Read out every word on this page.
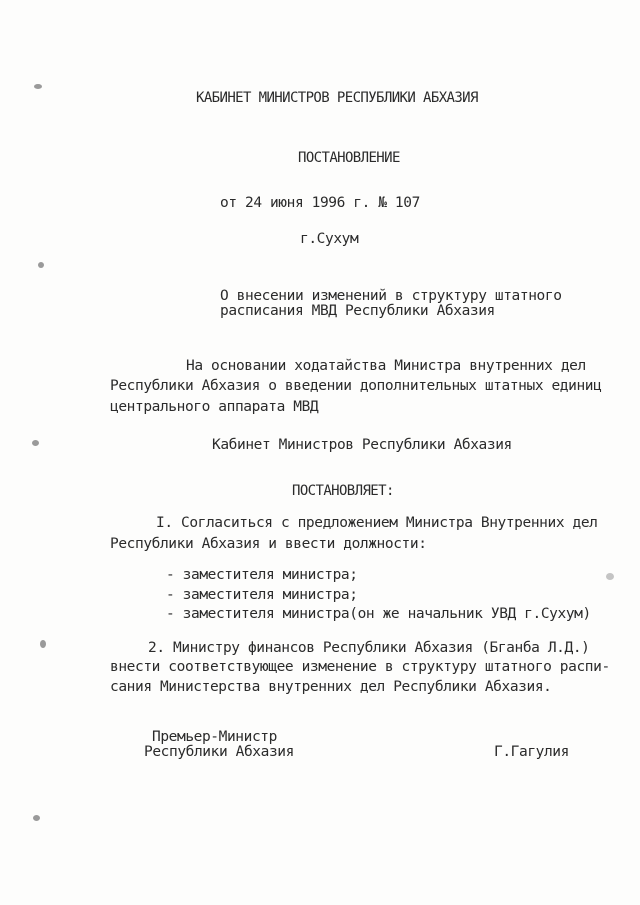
КАБИНЕТ МИНИСТРОВ РЕСПУБЛИКИ АБХАЗИЯ
ПОСТАНОВЛЕНИЕ
от 24 июня 1996 г. № 107
г.Сухум
О внесении изменений в структуру штатного
расписания МВД Республики Абхазия
На основании ходатайства Министра внутренних дел
Республики Абхазия о введении дополнительных штатных единиц
центрального аппарата МВД
Кабинет Министров Республики Абхазия
ПОСТАНОВЛЯЕТ:
I. Согласиться с предложением Министра Внутренних дел
Республики Абхазия и ввести должности:
- заместителя министра;
- заместителя министра;
- заместителя министра(он же начальник УВД г.Сухум)
2. Министру финансов Республики Абхазия (Бганба Л.Д.)
внести соответствующее изменение в структуру штатного распи-
сания Министерства внутренних дел Республики Абхазия.
Премьер-Министр
Республики Абхазия	Г.Гагулия
